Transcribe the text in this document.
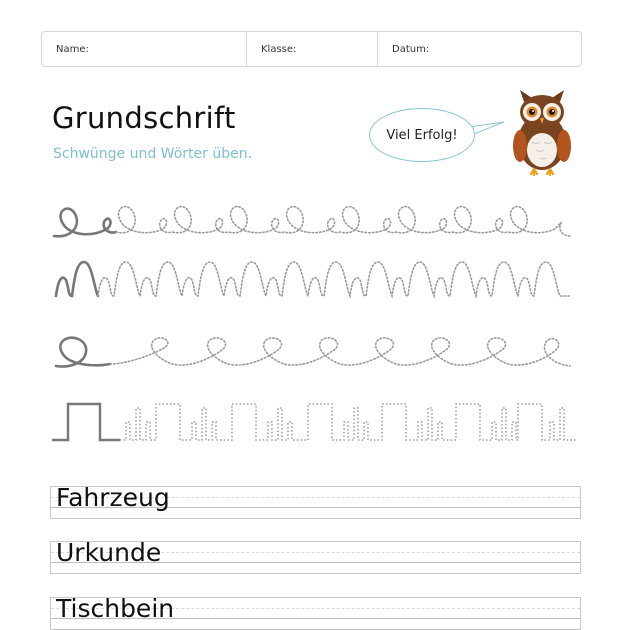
Name:	Klasse:	Datum:
Grundschrift
Schwünge und Wörter üben.
Viel Erfolg!
Fahrzeug
Urkunde
Tischbein
